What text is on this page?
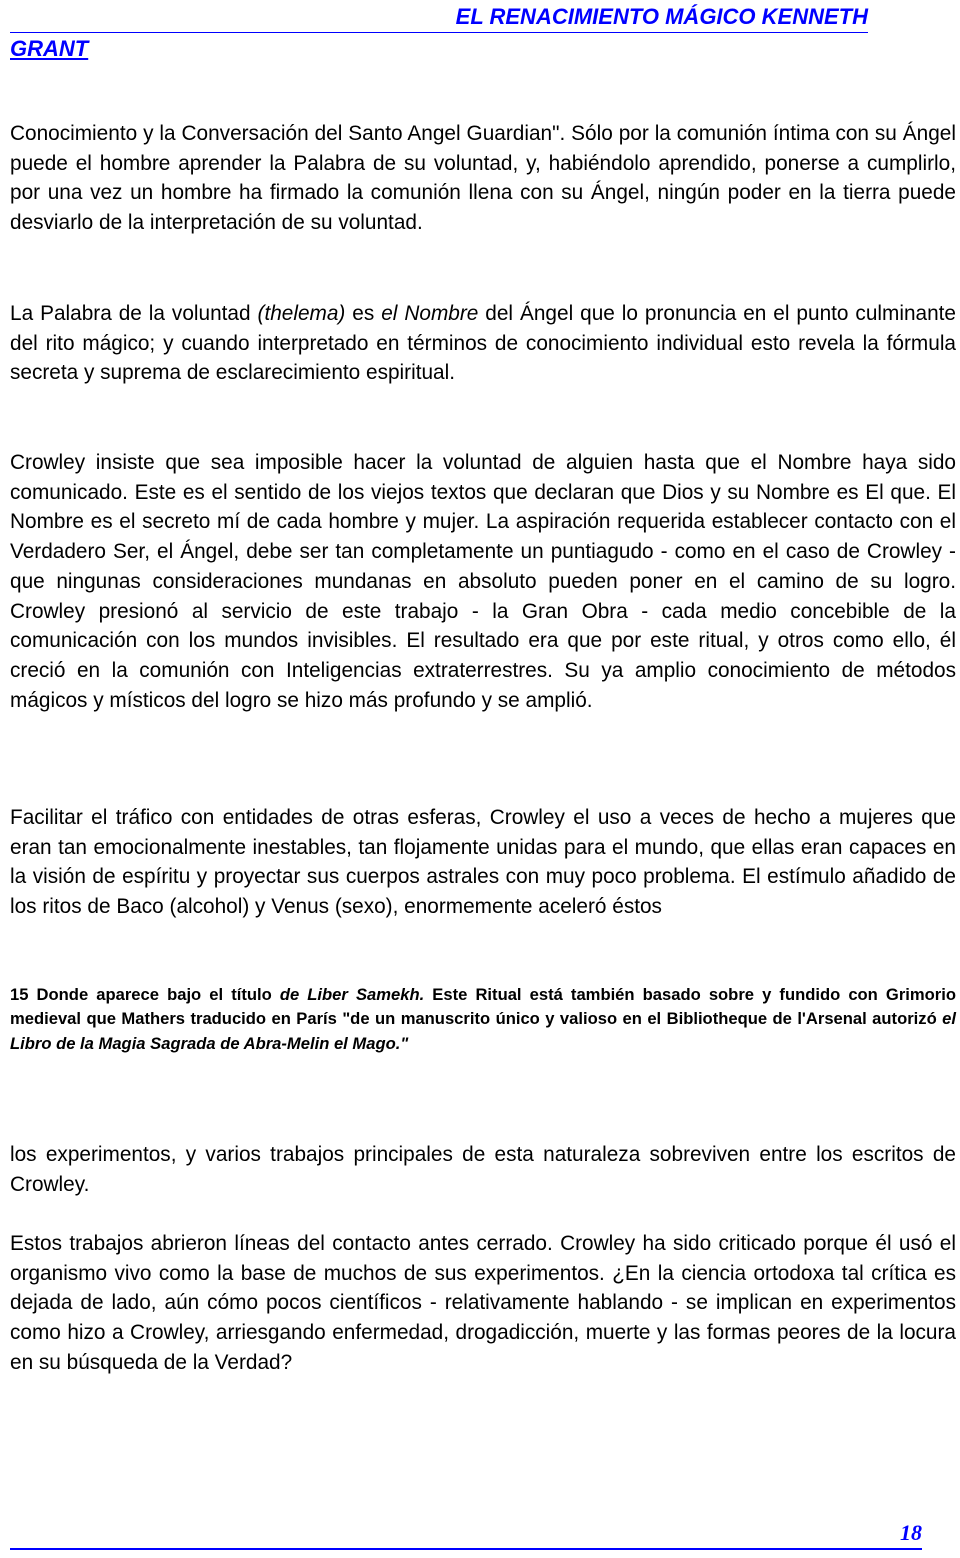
EL RENACIMIENTO MÁGICO KENNETH
GRANT

Conocimiento y la Conversación del Santo Angel Guardian". Sólo por la comunión íntima con su Ángel puede el hombre aprender la Palabra de su voluntad, y, habiéndolo aprendido, ponerse a cumplirlo, por una vez un hombre ha firmado la comunión llena con su Ángel, ningún poder en la tierra puede desviarlo de la interpretación de su voluntad.

La Palabra de la voluntad (thelema) es el Nombre del Ángel que lo pronuncia en el punto culminante del rito mágico; y cuando interpretado en términos de conocimiento individual esto revela la fórmula secreta y suprema de esclarecimiento espiritual.

Crowley insiste que sea imposible hacer la voluntad de alguien hasta que el Nombre haya sido comunicado. Este es el sentido de los viejos textos que declaran que Dios y su Nombre es El que. El Nombre es el secreto mí de cada hombre y mujer. La aspiración requerida establecer contacto con el Verdadero Ser, el Ángel, debe ser tan completamente un puntiagudo - como en el caso de Crowley - que ningunas consideraciones mundanas en absoluto pueden poner en el camino de su logro. Crowley presionó al servicio de este trabajo - la Gran Obra - cada medio concebible de la comunicación con los mundos invisibles. El resultado era que por este ritual, y otros como ello, él creció en la comunión con Inteligencias extraterrestres. Su ya amplio conocimiento de métodos mágicos y místicos del logro se hizo más profundo y se amplió.

Facilitar el tráfico con entidades de otras esferas, Crowley el uso a veces de hecho a mujeres que eran tan emocionalmente inestables, tan flojamente unidas para el mundo, que ellas eran capaces en la visión de espíritu y proyectar sus cuerpos astrales con muy poco problema. El estímulo añadido de los ritos de Baco (alcohol) y Venus (sexo), enormemente aceleró éstos

15 Donde aparece bajo el título de Liber Samekh. Este Ritual está también basado sobre y fundido con Grimorio medieval que Mathers traducido en París "de un manuscrito único y valioso en el Bibliotheque de l'Arsenal autorizó el Libro de la Magia Sagrada de Abra-Melin el Mago."

los experimentos, y varios trabajos principales de esta naturaleza sobreviven entre los escritos de Crowley.

Estos trabajos abrieron líneas del contacto antes cerrado. Crowley ha sido criticado porque él usó el organismo vivo como la base de muchos de sus experimentos. ¿En la ciencia ortodoxa tal crítica es dejada de lado, aún cómo pocos científicos - relativamente hablando - se implican en experimentos como hizo a Crowley, arriesgando enfermedad, drogadicción, muerte y las formas peores de la locura en su búsqueda de la Verdad?

18
